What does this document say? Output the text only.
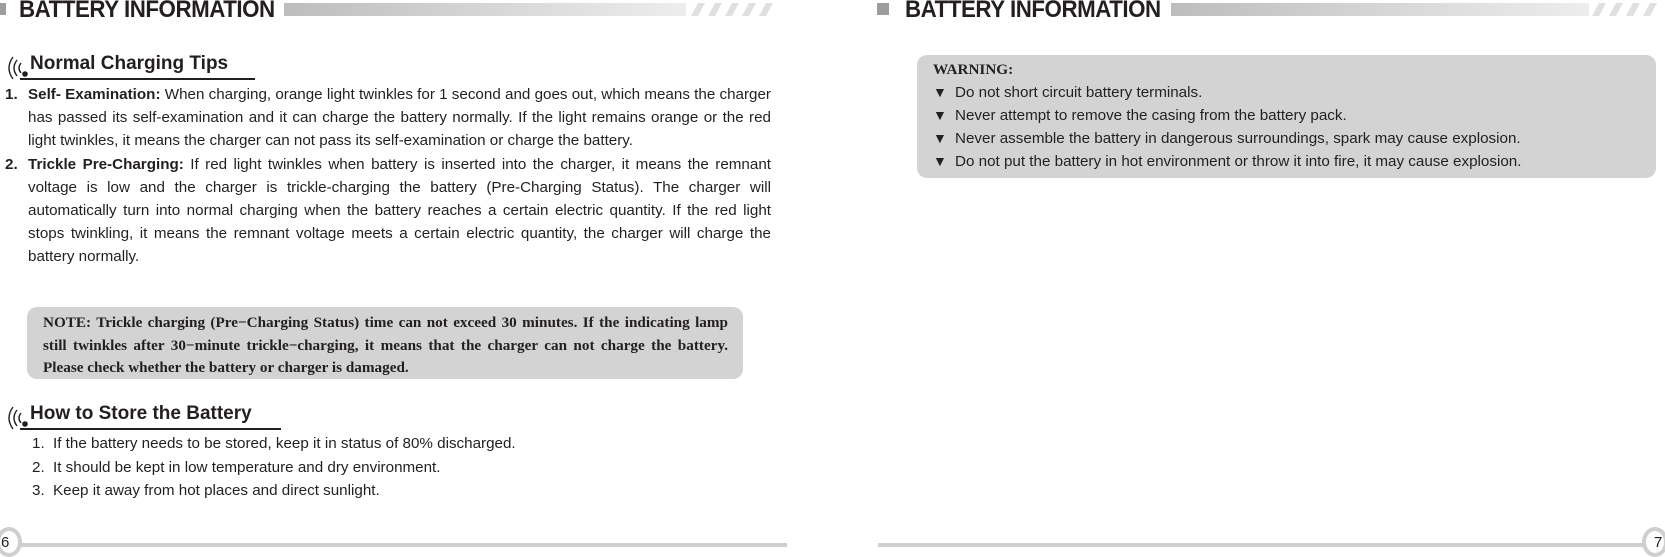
BATTERY INFORMATION
Normal Charging Tips
1. Self- Examination: When charging, orange light twinkles for 1 second and goes out, which means the charger has passed its self-examination and it can charge the battery normally. If the light remains orange or the red light twinkles, it means the charger can not pass its self-examination or charge the battery.
2. Trickle Pre-Charging: If red light twinkles when battery is inserted into the charger, it means the remnant voltage is low and the charger is trickle-charging the battery (Pre-Charging Status). The charger will automatically turn into normal charging when the battery reaches a certain electric quantity. If the red light stops twinkling, it means the remnant voltage meets a certain electric quantity, the charger will charge the battery normally.
NOTE: Trickle charging (Pre−Charging Status) time can not exceed 30 minutes. If the indicating lamp still twinkles after 30−minute trickle−charging, it means that the charger can not charge the battery. Please check whether the battery or charger is damaged.
How to Store the Battery
1. If the battery needs to be stored, keep it in status of 80% discharged.
2. It should be kept in low temperature and dry environment.
3. Keep it away from hot places and direct sunlight.
6
BATTERY INFORMATION
WARNING:
▼ Do not short circuit battery terminals.
▼ Never attempt to remove the casing from the battery pack.
▼ Never assemble the battery in dangerous surroundings, spark may cause explosion.
▼ Do not put the battery in hot environment or throw it into fire, it may cause explosion.
7
